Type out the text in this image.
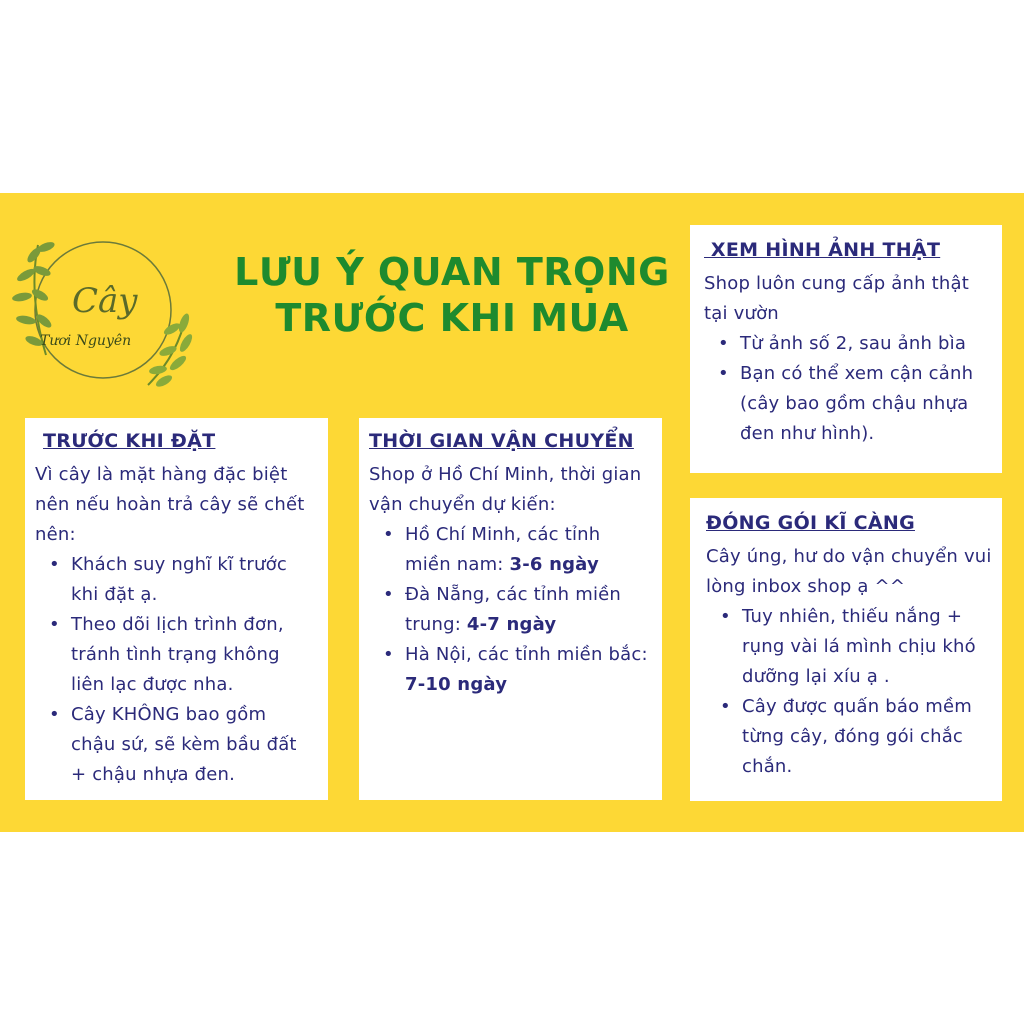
Cây
Tươi Nguyên
LƯU Ý QUAN TRỌNG
TRƯỚC KHI MUA
TRƯỚC KHI ĐẶT
Vì cây là mặt hàng đặc biệt nên nếu hoàn trả cây sẽ chết nên:
• Khách suy nghĩ kĩ trước khi đặt ạ.
• Theo dõi lịch trình đơn, tránh tình trạng không liên lạc được nha.
• Cây KHÔNG bao gồm chậu sứ, sẽ kèm bầu đất + chậu nhựa đen.
THỜI GIAN VẬN CHUYỂN
Shop ở Hồ Chí Minh, thời gian vận chuyển dự kiến:
• Hồ Chí Minh, các tỉnh miền nam: 3-6 ngày
• Đà Nẵng, các tỉnh miền trung: 4-7 ngày
• Hà Nội, các tỉnh miền bắc: 7-10 ngày
XEM HÌNH ẢNH THẬT
Shop luôn cung cấp ảnh thật tại vườn
• Từ ảnh số 2, sau ảnh bìa
• Bạn có thể xem cận cảnh (cây bao gồm chậu nhựa đen như hình).
ĐÓNG GÓI KĨ CÀNG
Cây úng, hư do vận chuyển vui lòng inbox shop ạ ^^
• Tuy nhiên, thiếu nắng + rụng vài lá mình chịu khó dưỡng lại xíu ạ .
• Cây được quấn báo mềm từng cây, đóng gói chắc chắn.
